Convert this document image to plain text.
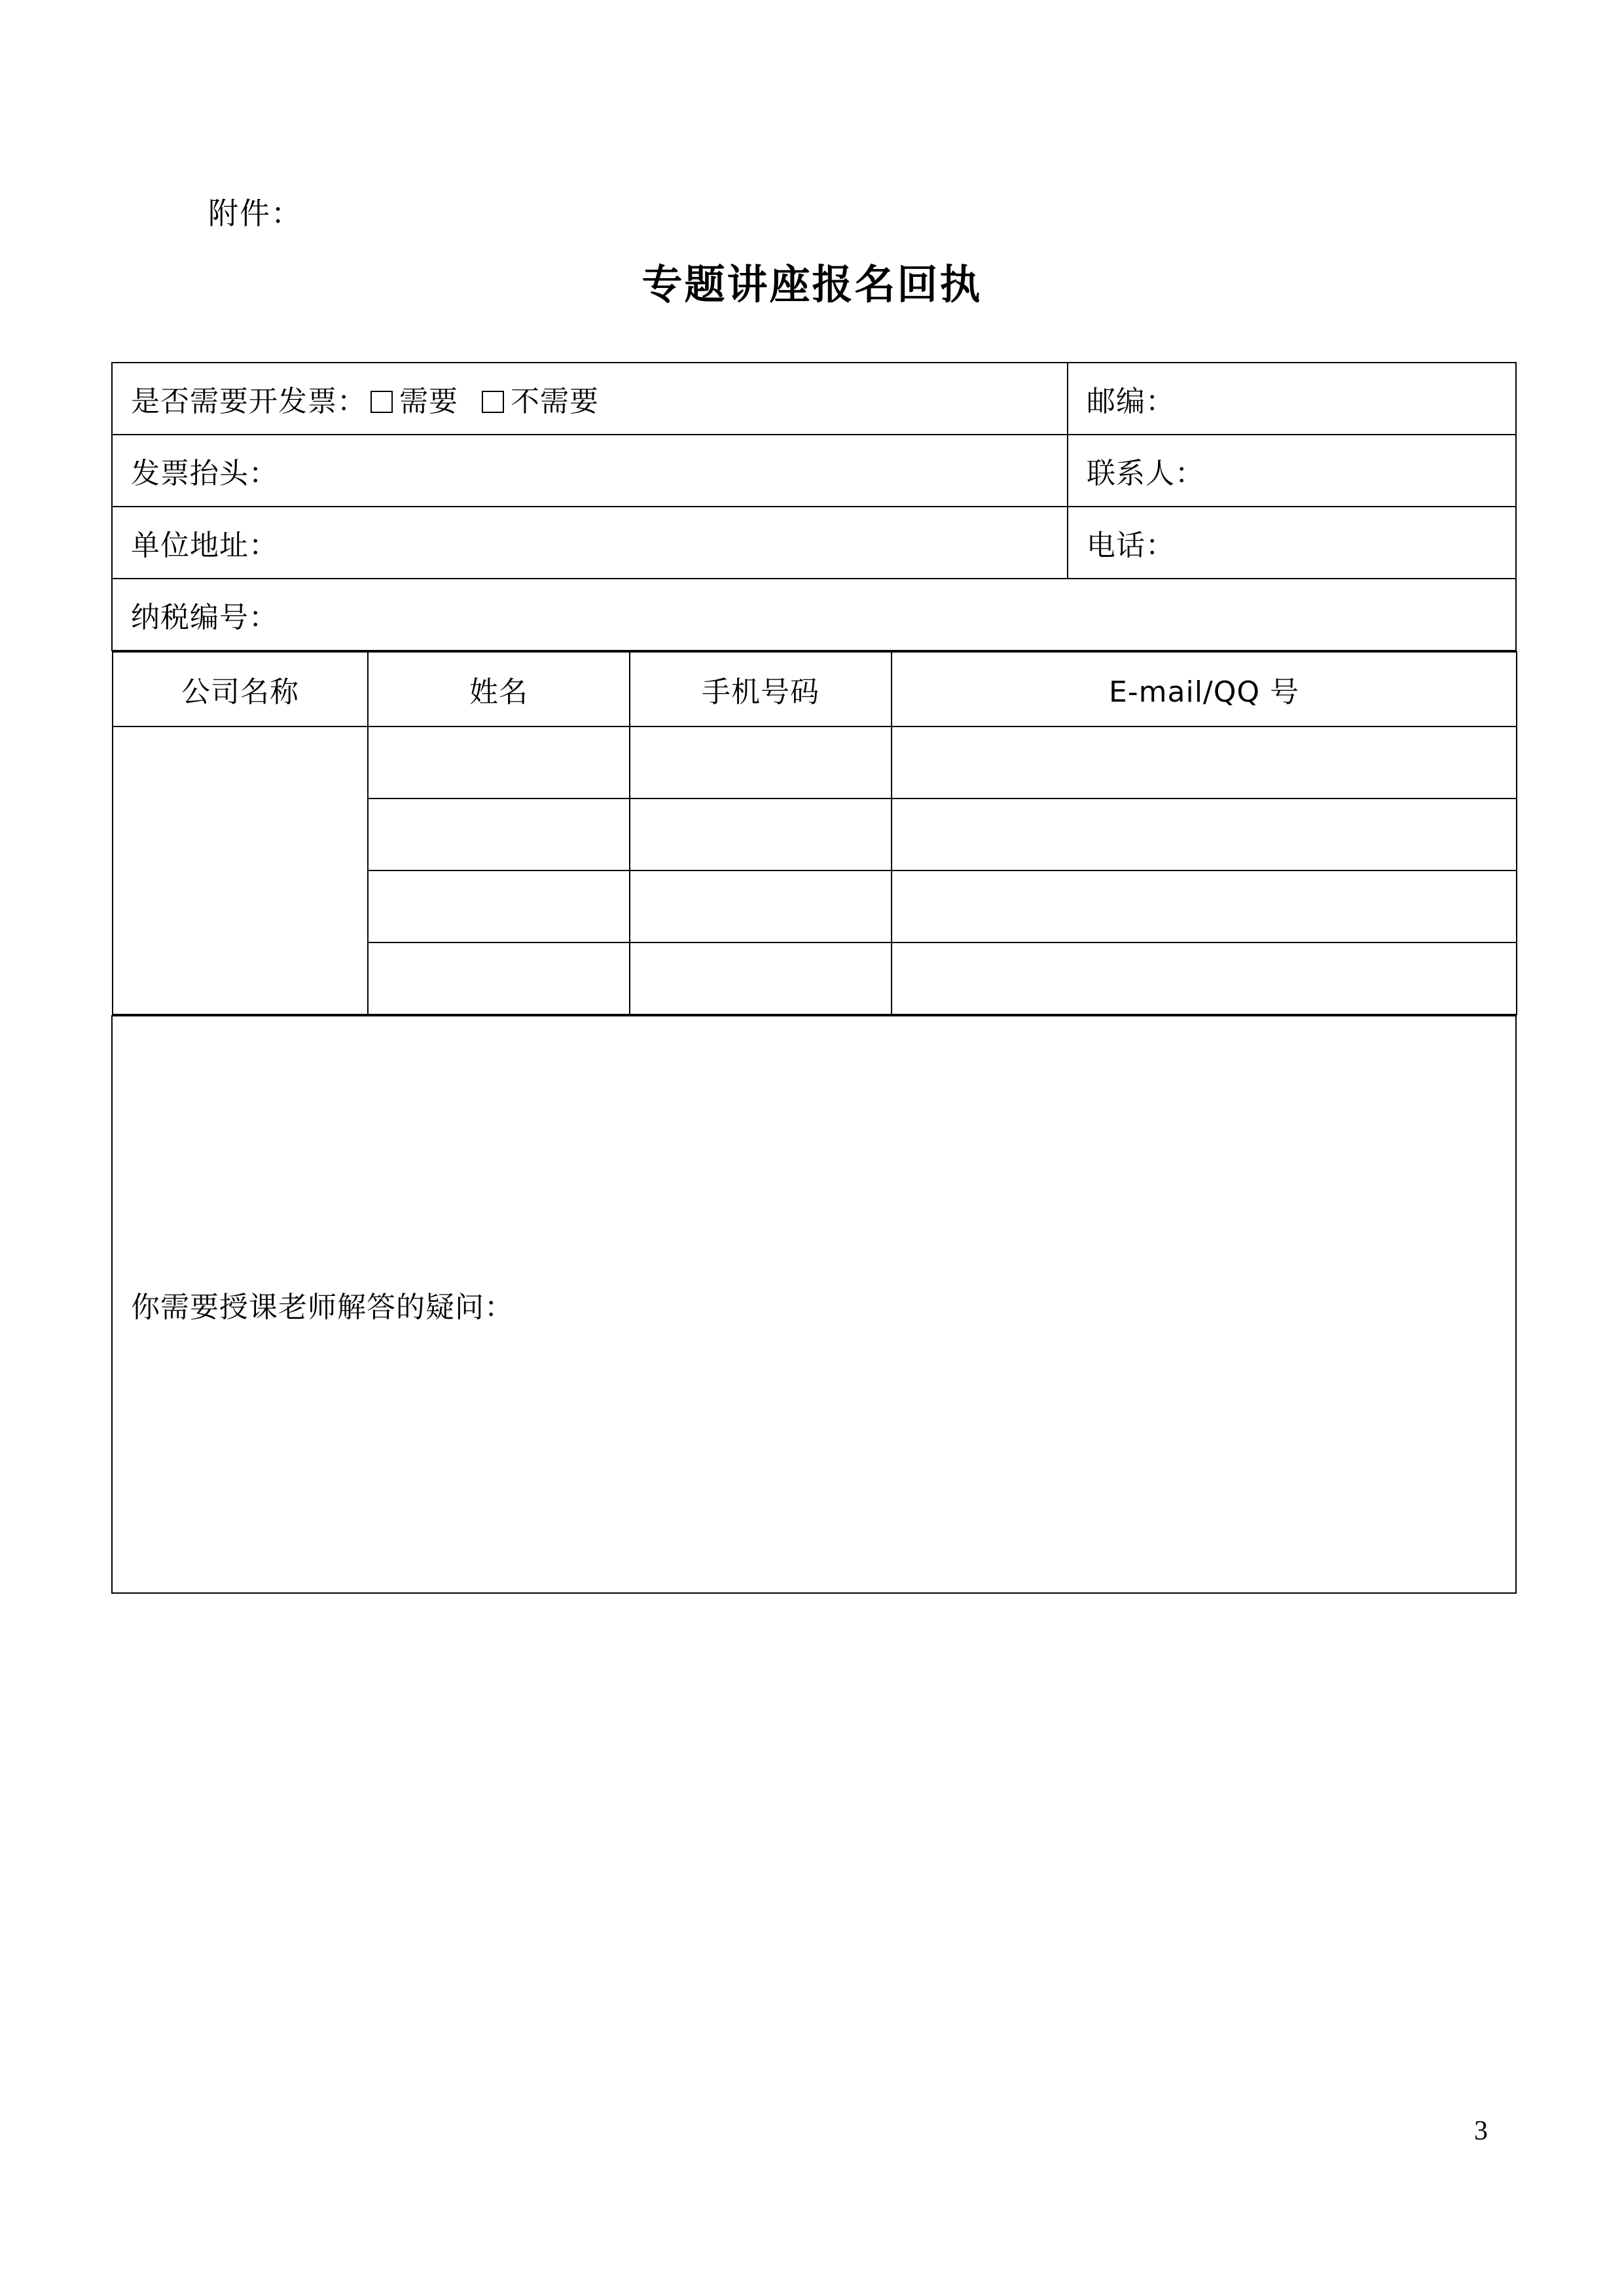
附件：
专题讲座报名回执
是否需要开发票： 需要 不需要	邮编：
发票抬头：	联系人：
单位地址：	电话：
纳税编号：

公司名称	姓名	手机号码	E-mail/QQ 号

你需要授课老师解答的疑问：
3
